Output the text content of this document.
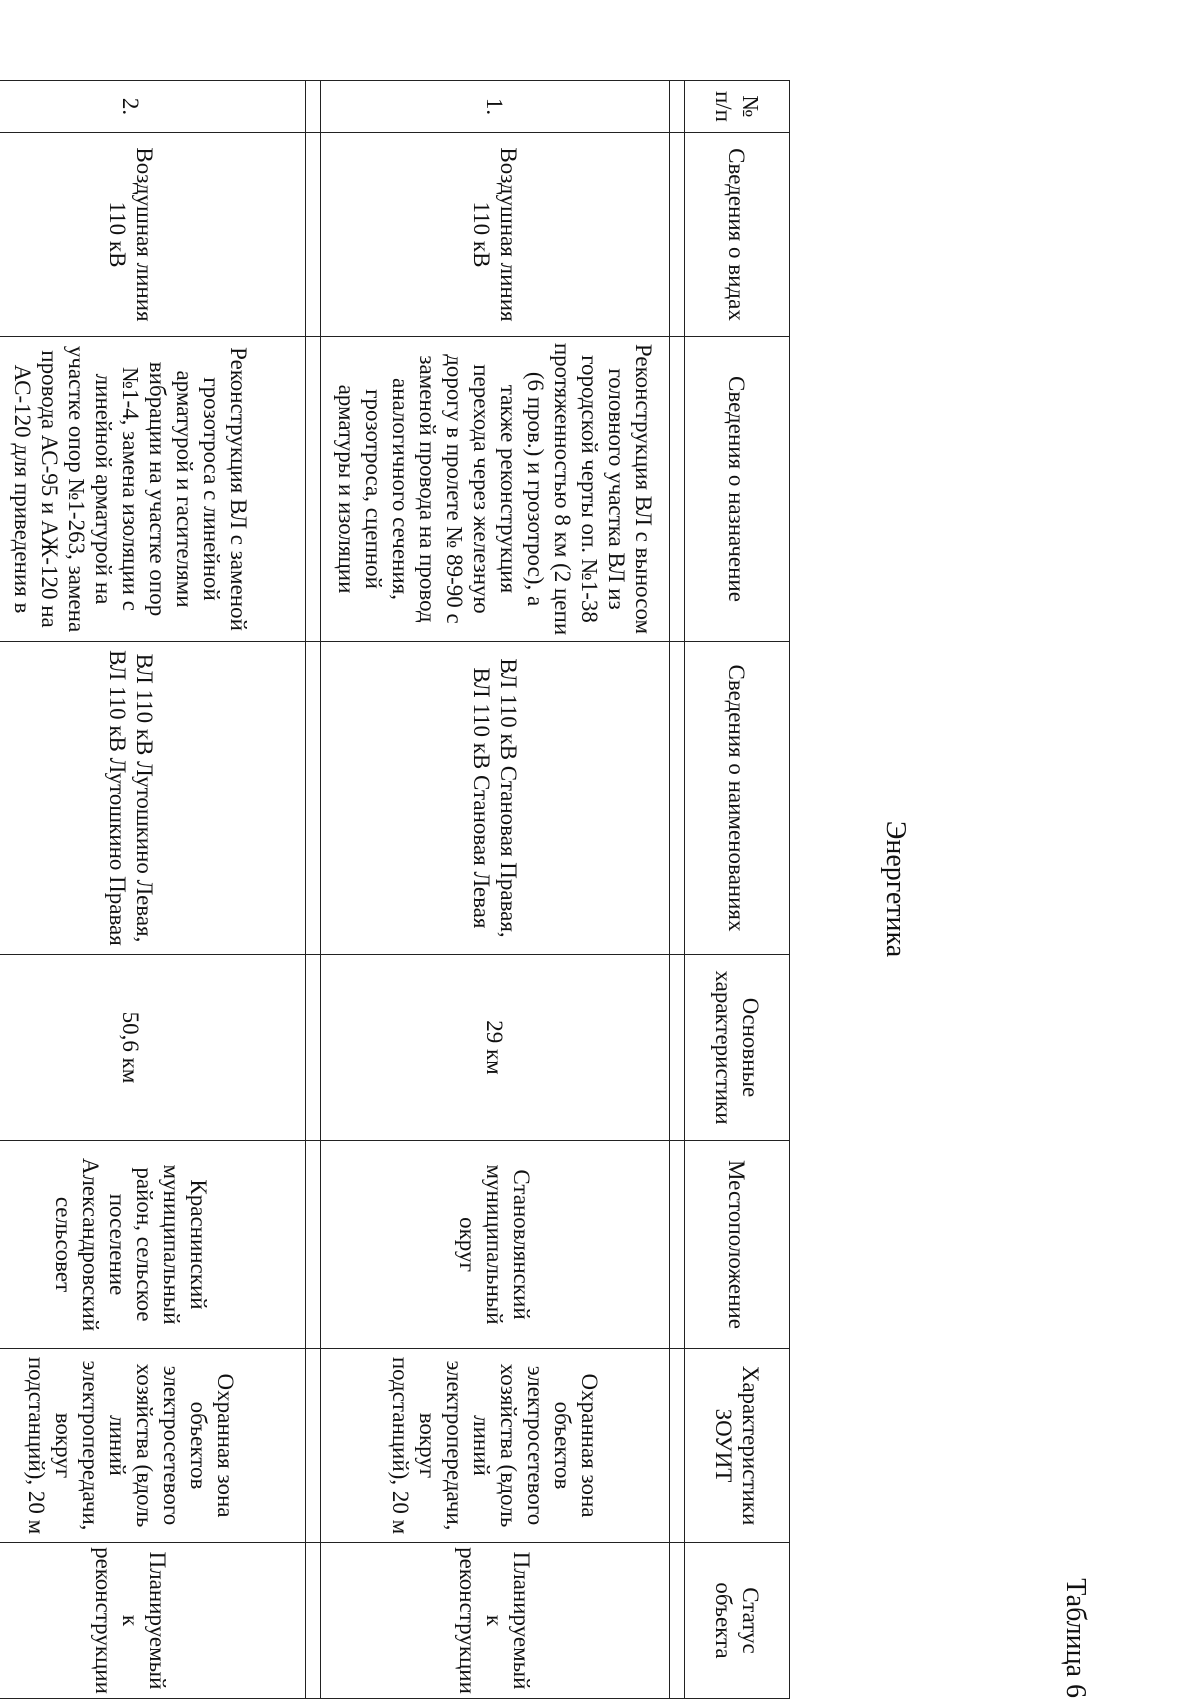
Таблица 6
Энергетика
№ п/п	Сведения о видах	Сведения о назначение	Сведения о наименованиях	Основные характеристики	Местоположение	Характеристики ЗОУИТ	Статус объекта

1.	Воздушная линия 110 кВ	Реконструкция ВЛ с выносом головного участка ВЛ из городской черты оп. №1-38 протяженностью 8 км (2 цепи (6 пров.) и грозотрос), а также реконструкция перехода через железную дорогу в пролете № 89-90 с заменой провода на провод аналогичного сечения, грозотроса, сцепной арматуры и изоляции	ВЛ 110 кВ Становая Правая, ВЛ 110 кВ Становая Левая	29 км	Становлянский муниципальный округ	Охранная зона объектов электросетевого хозяйства (вдоль линий электропередачи, вокруг подстанций), 20 м	Планируемый к реконструкции

2.	Воздушная линия 110 кВ	Реконструкция ВЛ с заменой грозотроса с линейной арматурой и гасителями вибрации на участке опор №1-4, замена изоляции с линейной арматурой на участке опор №1-263, замена провода АС-95 и АЖ-120 на АС-120 для приведения в	ВЛ 110 кВ Лутошкино Левая, ВЛ 110 кВ Лутошкино Правая	50,6 км	Краснинский муниципальный район, сельское поселение Александровский сельсовет	Охранная зона объектов электросетевого хозяйства (вдоль линий электропередачи, вокруг подстанций), 20 м	Планируемый к реконструкции
